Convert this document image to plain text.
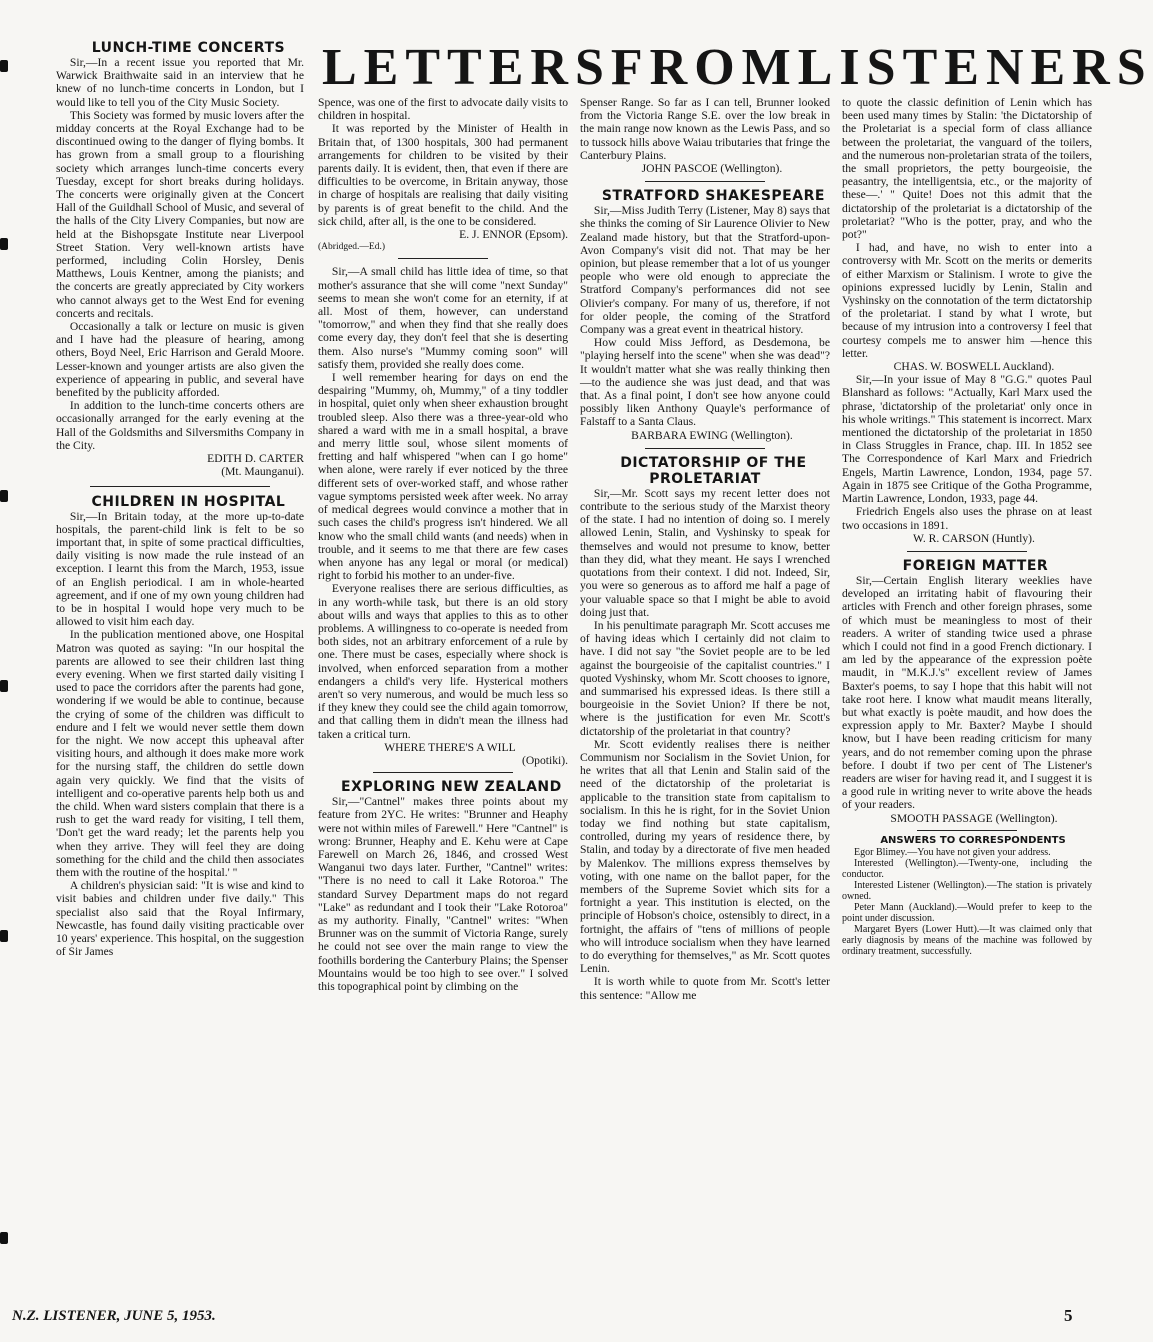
LETTERS FROM LISTENERS

LUNCH-TIME CONCERTS

Sir,—In a recent issue you reported that Mr. Warwick Braithwaite said in an interview that he knew of no lunch-time concerts in London, but I would like to tell you of the City Music Society.

This Society was formed by music lovers after the midday concerts at the Royal Exchange had to be discontinued owing to the danger of flying bombs. It has grown from a small group to a flourishing society which arranges lunch-time concerts every Tuesday, except for short breaks during holidays. The concerts were originally given at the Concert Hall of the Guildhall School of Music, and several of the halls of the City Livery Companies, but now are held at the Bishopsgate Institute near Liverpool Street Station. Very well-known artists have performed, including Colin Horsley, Denis Matthews, Louis Kentner, among the pianists; and the concerts are greatly appreciated by City workers who cannot always get to the West End for evening concerts and recitals.

Occasionally a talk or lecture on music is given and I have had the pleasure of hearing, among others, Boyd Neel, Eric Harrison and Gerald Moore. Lesser-known and younger artists are also given the experience of appearing in public, and several have benefited by the publicity afforded.

In addition to the lunch-time concerts others are occasionally arranged for the early evening at the Hall of the Goldsmiths and Silversmiths Company in the City.

EDITH D. CARTER

(Mt. Maunganui).

CHILDREN IN HOSPITAL

Sir,—In Britain today, at the more up-to-date hospitals, the parent-child link is felt to be so important that, in spite of some practical difficulties, daily visiting is now made the rule instead of an exception. I learnt this from the March, 1953, issue of an English periodical. I am in whole-hearted agreement, and if one of my own young children had to be in hospital I would hope very much to be allowed to visit him each day.

In the publication mentioned above, one Hospital Matron was quoted as saying: "In our hospital the parents are allowed to see their children last thing every evening. When we first started daily visiting I used to pace the corridors after the parents had gone, wondering if we would be able to continue, because the crying of some of the children was difficult to endure and I felt we would never settle them down for the night. We now accept this upheaval after visiting hours, and although it does make more work for the nursing staff, the children do settle down again very quickly. We find that the visits of intelligent and co-operative parents help both us and the child. When ward sisters complain that there is a rush to get the ward ready for visiting, I tell them, 'Don't get the ward ready; let the parents help you when they arrive. They will feel they are doing something for the child and the child then associates them with the routine of the hospital.' "

A children's physician said: "It is wise and kind to visit babies and children under five daily." This specialist also said that the Royal Infirmary, Newcastle, has found daily visiting practicable over 10 years' experience. This hospital, on the suggestion of Sir James

Spence, was one of the first to advocate daily visits to children in hospital.

It was reported by the Minister of Health in Britain that, of 1300 hospitals, 300 had permanent arrangements for children to be visited by their parents daily. It is evident, then, that even if there are difficulties to be overcome, in Britain anyway, those in charge of hospitals are realising that daily visiting by parents is of great benefit to the child. And the sick child, after all, is the one to be considered.

E. J. ENNOR (Epsom).

(Abridged.—Ed.)

Sir,—A small child has little idea of time, so that mother's assurance that she will come "next Sunday" seems to mean she won't come for an eternity, if at all. Most of them, however, can understand "tomorrow," and when they find that she really does come every day, they don't feel that she is deserting them. Also nurse's "Mummy coming soon" will satisfy them, provided she really does come.

I well remember hearing for days on end the despairing "Mummy, oh, Mummy," of a tiny toddler in hospital, quiet only when sheer exhaustion brought troubled sleep. Also there was a three-year-old who shared a ward with me in a small hospital, a brave and merry little soul, whose silent moments of fretting and half whispered "when can I go home" when alone, were rarely if ever noticed by the three different sets of over-worked staff, and whose rather vague symptoms persisted week after week. No array of medical degrees would convince a mother that in such cases the child's progress isn't hindered. We all know who the small child wants (and needs) when in trouble, and it seems to me that there are few cases when anyone has any legal or moral (or medical) right to forbid his mother to an under-five.

Everyone realises there are serious difficulties, as in any worth-while task, but there is an old story about wills and ways that applies to this as to other problems. A willingness to co-operate is needed from both sides, not an arbitrary enforcement of a rule by one. There must be cases, especially where shock is involved, when enforced separation from a mother endangers a child's very life. Hysterical mothers aren't so very numerous, and would be much less so if they knew they could see the child again tomorrow, and that calling them in didn't mean the illness had taken a critical turn.

WHERE THERE'S A WILL

(Opotiki).

EXPLORING NEW ZEALAND

Sir,—"Cantnel" makes three points about my feature from 2YC. He writes: "Brunner and Heaphy were not within miles of Farewell." Here "Cantnel" is wrong: Brunner, Heaphy and E. Kehu were at Cape Farewell on March 26, 1846, and crossed West Wanganui two days later. Further, "Cantnel" writes: "There is no need to call it Lake Rotoroa." The standard Survey Department maps do not regard "Lake" as redundant and I took their "Lake Rotoroa" as my authority. Finally, "Cantnel" writes: "When Brunner was on the summit of Victoria Range, surely he could not see over the main range to view the foothills bordering the Canterbury Plains; the Spenser Mountains would be too high to see over." I solved this topographical point by climbing on the

Spenser Range. So far as I can tell, Brunner looked from the Victoria Range S.E. over the low break in the main range now known as the Lewis Pass, and so to tussock hills above Waiau tributaries that fringe the Canterbury Plains.

JOHN PASCOE (Wellington).

STRATFORD SHAKESPEARE

Sir,—Miss Judith Terry (Listener, May 8) says that she thinks the coming of Sir Laurence Olivier to New Zealand made history, but that the Stratford-upon-Avon Company's visit did not. That may be her opinion, but please remember that a lot of us younger people who were old enough to appreciate the Stratford Company's performances did not see Olivier's company. For many of us, therefore, if not for older people, the coming of the Stratford Company was a great event in theatrical history.

How could Miss Jefford, as Desdemona, be "playing herself into the scene" when she was dead"? It wouldn't matter what she was really thinking then—to the audience she was just dead, and that was that. As a final point, I don't see how anyone could possibly liken Anthony Quayle's performance of Falstaff to a Santa Claus.

BARBARA EWING (Wellington).

DICTATORSHIP OF THE PROLETARIAT

Sir,—Mr. Scott says my recent letter does not contribute to the serious study of the Marxist theory of the state. I had no intention of doing so. I merely allowed Lenin, Stalin, and Vyshinsky to speak for themselves and would not presume to know, better than they did, what they meant. He says I wrenched quotations from their context. I did not. Indeed, Sir, you were so generous as to afford me half a page of your valuable space so that I might be able to avoid doing just that.

In his penultimate paragraph Mr. Scott accuses me of having ideas which I certainly did not claim to have. I did not say "the Soviet people are to be led against the bourgeoisie of the capitalist countries." I quoted Vyshinsky, whom Mr. Scott chooses to ignore, and summarised his expressed ideas. Is there still a bourgeoisie in the Soviet Union? If there be not, where is the justification for even Mr. Scott's dictatorship of the proletariat in that country?

Mr. Scott evidently realises there is neither Communism nor Socialism in the Soviet Union, for he writes that all that Lenin and Stalin said of the need of the dictatorship of the proletariat is applicable to the transition state from capitalism to socialism. In this he is right, for in the Soviet Union today we find nothing but state capitalism, controlled, during my years of residence there, by Stalin, and today by a directorate of five men headed by Malenkov. The millions express themselves by voting, with one name on the ballot paper, for the members of the Supreme Soviet which sits for a fortnight a year. This institution is elected, on the principle of Hobson's choice, ostensibly to direct, in a fortnight, the affairs of "tens of millions of people who will introduce socialism when they have learned to do everything for themselves," as Mr. Scott quotes Lenin.

It is worth while to quote from Mr. Scott's letter this sentence: "Allow me

to quote the classic definition of Lenin which has been used many times by Stalin: 'the Dictatorship of the Proletariat is a special form of class alliance between the proletariat, the vanguard of the toilers, and the numerous non-proletarian strata of the toilers, the small proprietors, the petty bourgeoisie, the peasantry, the intelligentsia, etc., or the majority of these—.' " Quite! Does not this admit that the dictatorship of the proletariat is a dictatorship of the proletariat? "Who is the potter, pray, and who the pot?"

I had, and have, no wish to enter into a controversy with Mr. Scott on the merits or demerits of either Marxism or Stalinism. I wrote to give the opinions expressed lucidly by Lenin, Stalin and Vyshinsky on the connotation of the term dictatorship of the proletariat. I stand by what I wrote, but because of my intrusion into a controversy I feel that courtesy compels me to answer him —hence this letter.

CHAS. W. BOSWELL Auckland).

Sir,—In your issue of May 8 "G.G." quotes Paul Blanshard as follows: "Actually, Karl Marx used the phrase, 'dictatorship of the proletariat' only once in his whole writings." This statement is incorrect. Marx mentioned the dictatorship of the proletariat in 1850 in Class Struggles in France, chap. III. In 1852 see The Correspondence of Karl Marx and Friedrich Engels, Martin Lawrence, London, 1934, page 57. Again in 1875 see Critique of the Gotha Programme, Martin Lawrence, London, 1933, page 44.

Friedrich Engels also uses the phrase on at least two occasions in 1891.

W. R. CARSON (Huntly).

FOREIGN MATTER

Sir,—Certain English literary weeklies have developed an irritating habit of flavouring their articles with French and other foreign phrases, some of which must be meaningless to most of their readers. A writer of standing twice used a phrase which I could not find in a good French dictionary. I am led by the appearance of the expression poète maudit, in "M.K.J.'s" excellent review of James Baxter's poems, to say I hope that this habit will not take root here. I know what maudit means literally, but what exactly is poète maudit, and how does the expression apply to Mr. Baxter? Maybe I should know, but I have been reading criticism for many years, and do not remember coming upon the phrase before. I doubt if two per cent of The Listener's readers are wiser for having read it, and I suggest it is a good rule in writing never to write above the heads of your readers.

SMOOTH PASSAGE (Wellington).

ANSWERS TO CORRESPONDENTS

Egor Blimey.—You have not given your address.

Interested (Wellington).—Twenty-one, including the conductor.

Interested Listener (Wellington).—The station is privately owned.

Peter Mann (Auckland).—Would prefer to keep to the point under discussion.

Margaret Byers (Lower Hutt).—It was claimed only that early diagnosis by means of the machine was followed by ordinary treatment, successfully.

N.Z. LISTENER, JUNE 5, 1953.	5
